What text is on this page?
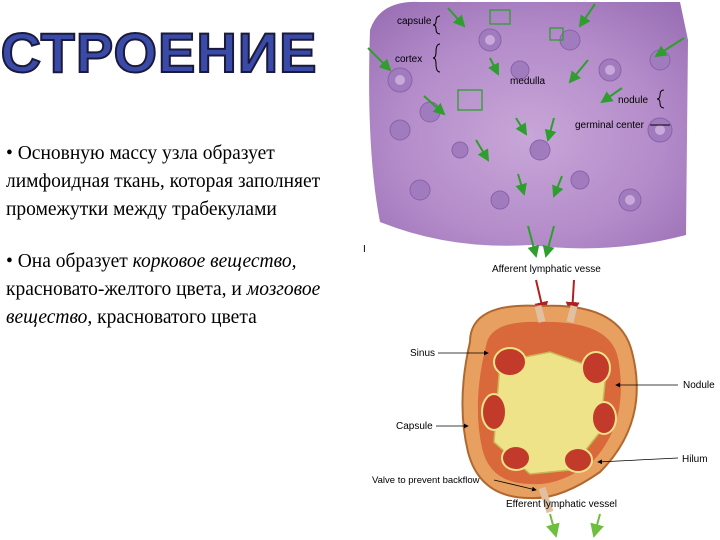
СТРОЕНИЕ

• Основную массу узла образует лимфоидная ткань, которая заполняет промежутки между трабекулами

• Она образует корковое вещество, красновато-желтого цвета, и мозговое вещество, красноватого цвета

capsule
cortex
medulla
nodule
germinal center
I
Afferent lymphatic vesse
Efferent lymphatic vessel
Sinus
Nodule
Capsule
Hilum
Valve to prevent backflow
